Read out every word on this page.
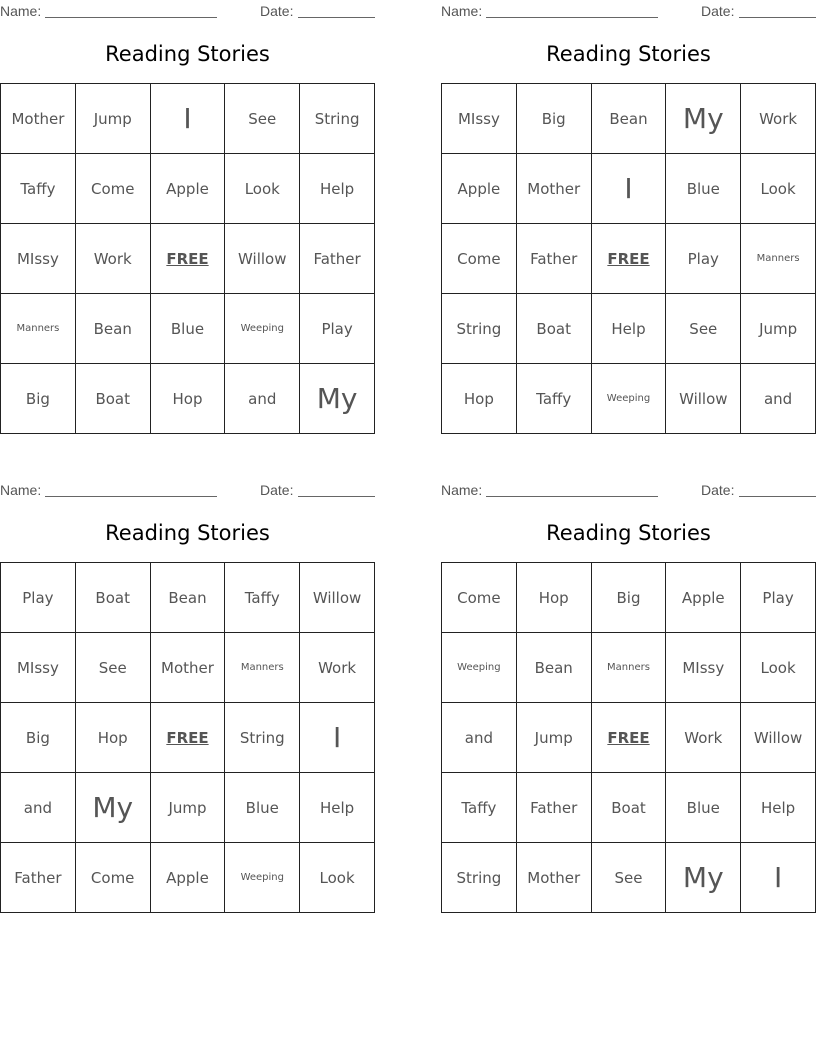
Name:	Date:
Reading Stories
Mother	Jump	I	See	String
Taffy	Come	Apple	Look	Help
MIssy	Work	FREE	Willow	Father
Manners	Bean	Blue	Weeping	Play
Big	Boat	Hop	and	My
Name:	Date:
Reading Stories
MIssy	Big	Bean	My	Work
Apple	Mother	I	Blue	Look
Come	Father	FREE	Play	Manners
String	Boat	Help	See	Jump
Hop	Taffy	Weeping	Willow	and
Name:	Date:
Reading Stories
Play	Boat	Bean	Taffy	Willow
MIssy	See	Mother	Manners	Work
Big	Hop	FREE	String	I
and	My	Jump	Blue	Help
Father	Come	Apple	Weeping	Look
Name:	Date:
Reading Stories
Come	Hop	Big	Apple	Play
Weeping	Bean	Manners	MIssy	Look
and	Jump	FREE	Work	Willow
Taffy	Father	Boat	Blue	Help
String	Mother	See	My	I
